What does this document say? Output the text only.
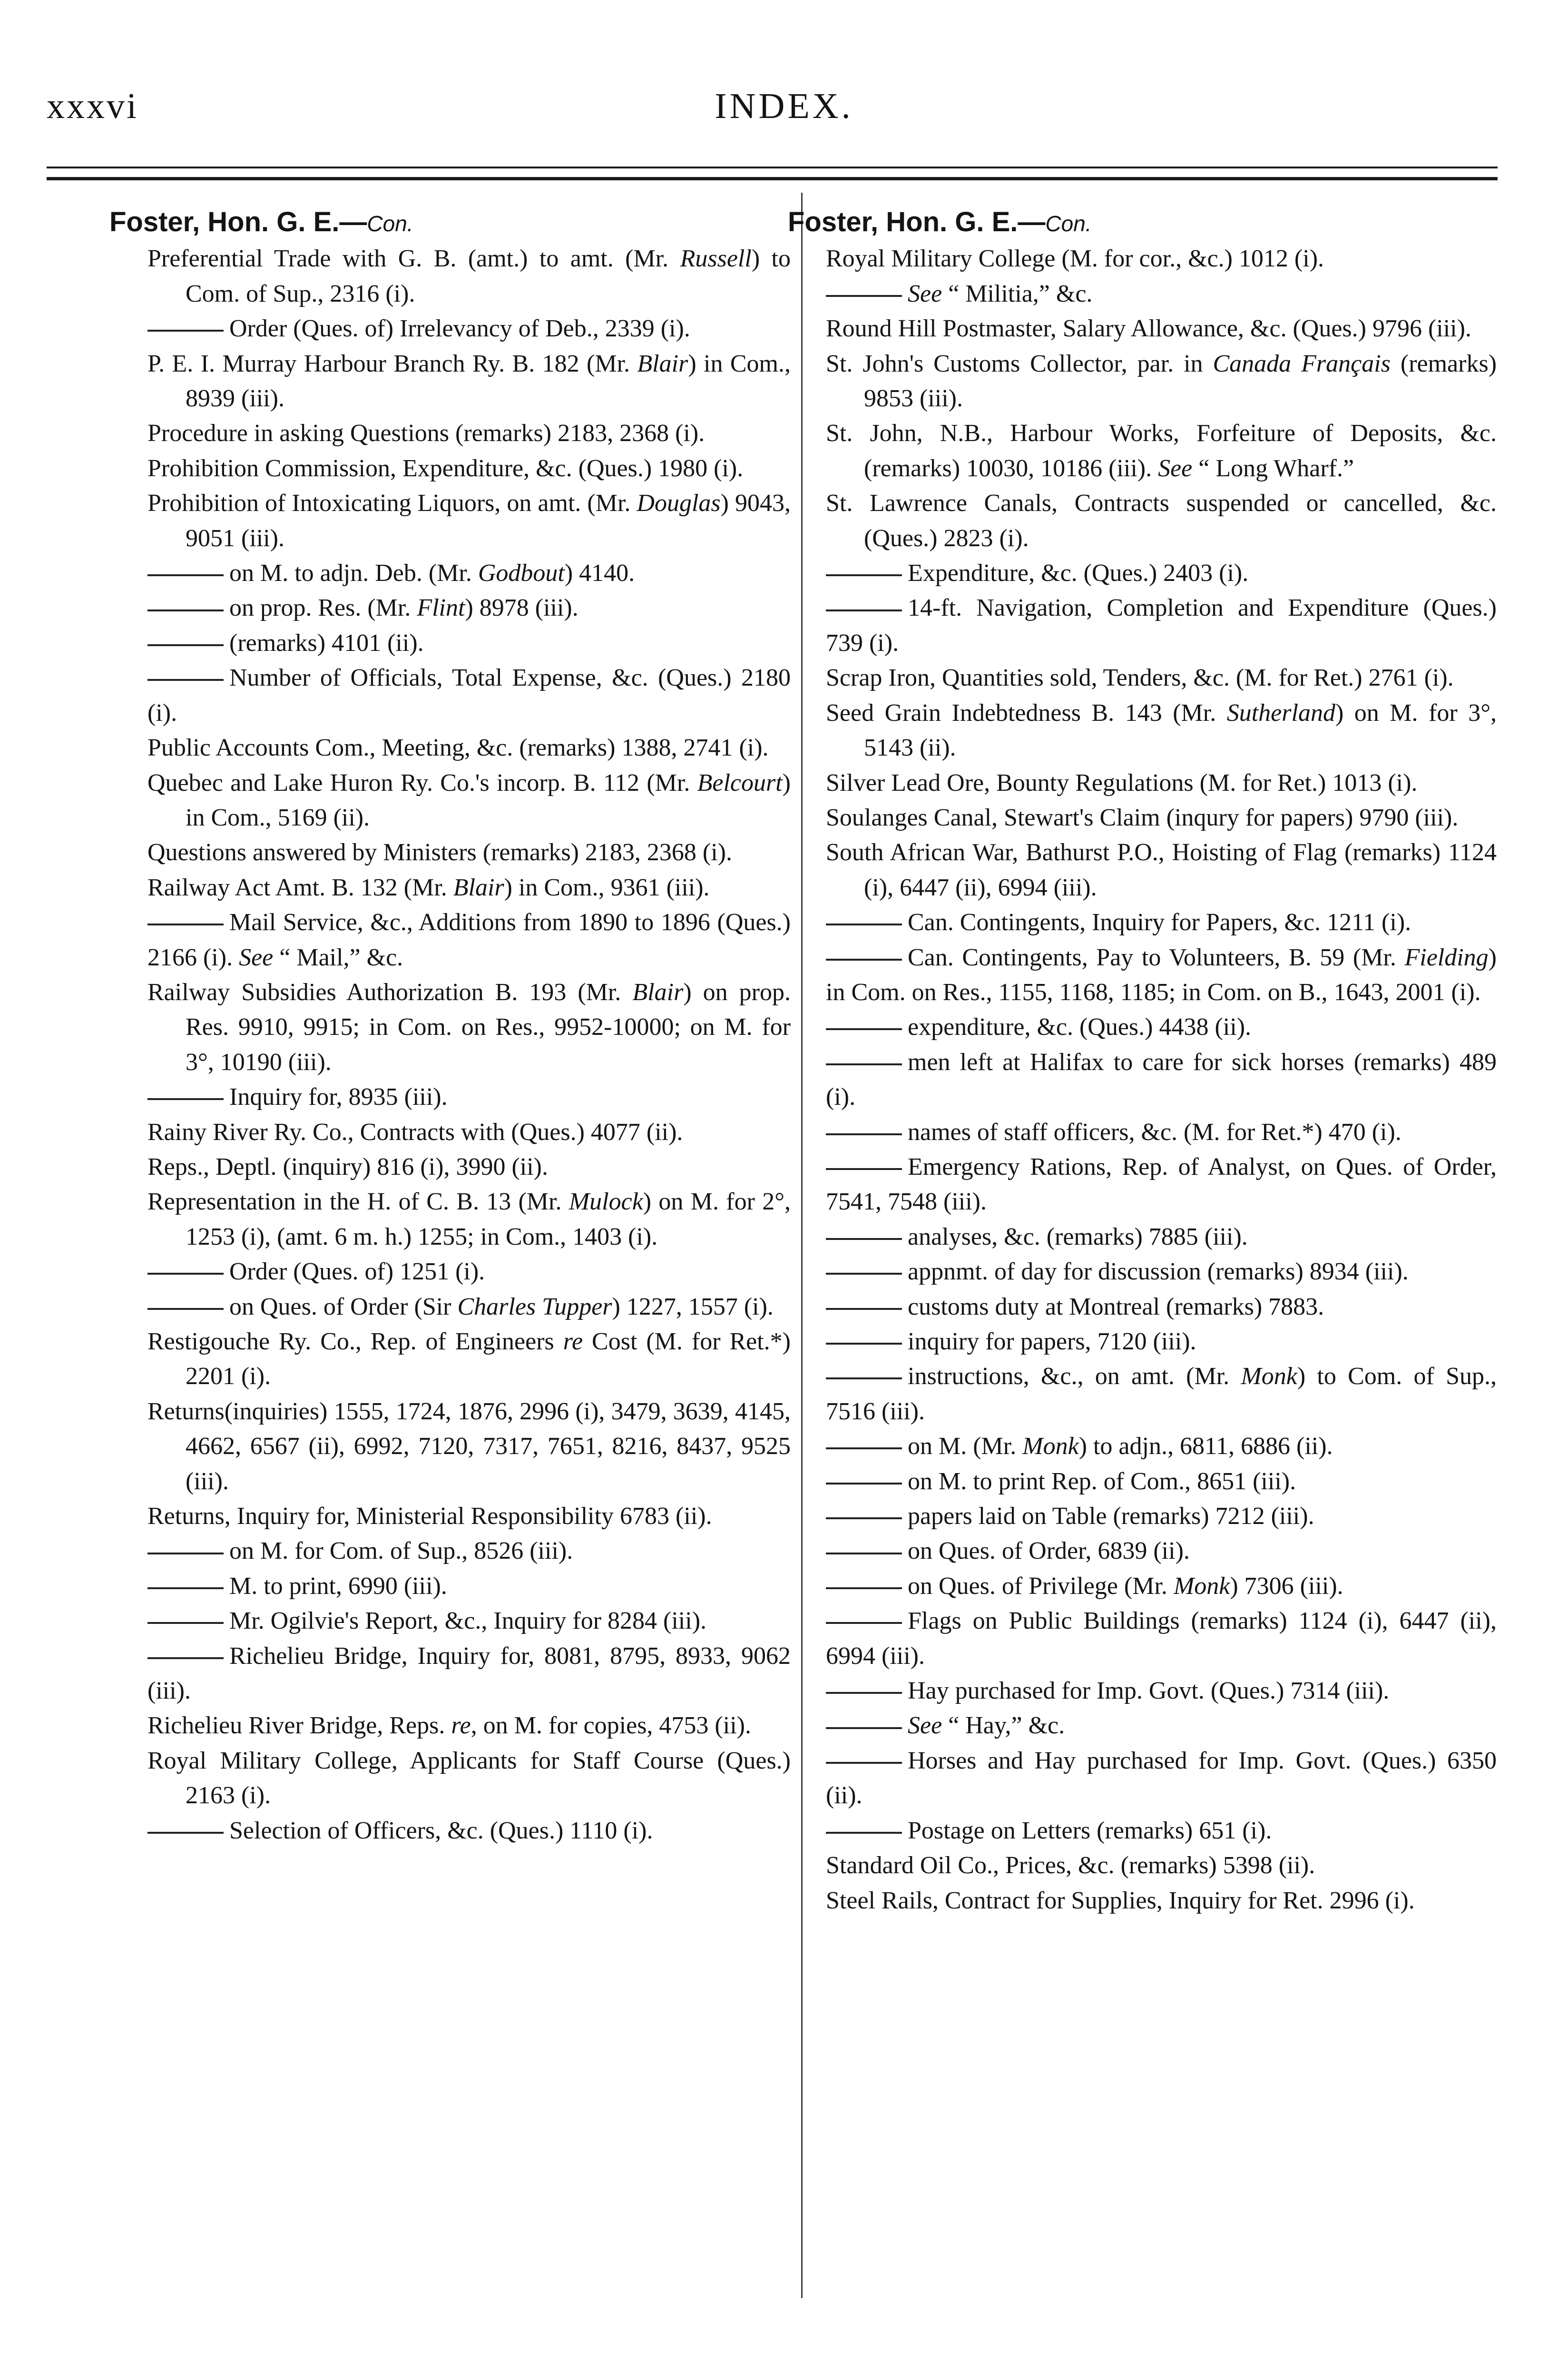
xxxvi	INDEX.
Foster, Hon. G. E.—Con.
Preferential Trade with G. B. (amt.) to amt. (Mr. Russell) to Com. of Sup., 2316 (i).
Order (Ques. of) Irrelevancy of Deb., 2339 (i).
P. E. I. Murray Harbour Branch Ry. B. 182 (Mr. Blair) in Com., 8939 (iii).
Procedure in asking Questions (remarks) 2183, 2368 (i).
Prohibition Commission, Expenditure, &c. (Ques.) 1980 (i).
Prohibition of Intoxicating Liquors, on amt. (Mr. Douglas) 9043, 9051 (iii).
on M. to adjn. Deb. (Mr. Godbout) 4140.
on prop. Res. (Mr. Flint) 8978 (iii).
(remarks) 4101 (ii).
Number of Officials, Total Expense, &c. (Ques.) 2180 (i).
Public Accounts Com., Meeting, &c. (remarks) 1388, 2741 (i).
Quebec and Lake Huron Ry. Co.'s incorp. B. 112 (Mr. Belcourt) in Com., 5169 (ii).
Questions answered by Ministers (remarks) 2183, 2368 (i).
Railway Act Amt. B. 132 (Mr. Blair) in Com., 9361 (iii).
Mail Service, &c., Additions from 1890 to 1896 (Ques.) 2166 (i). See “ Mail,” &c.
Railway Subsidies Authorization B. 193 (Mr. Blair) on prop. Res. 9910, 9915; in Com. on Res., 9952-10000; on M. for 3°, 10190 (iii).
Inquiry for, 8935 (iii).
Rainy River Ry. Co., Contracts with (Ques.) 4077 (ii).
Reps., Deptl. (inquiry) 816 (i), 3990 (ii).
Representation in the H. of C. B. 13 (Mr. Mulock) on M. for 2°, 1253 (i), (amt. 6 m. h.) 1255; in Com., 1403 (i).
Order (Ques. of) 1251 (i).
on Ques. of Order (Sir Charles Tupper) 1227, 1557 (i).
Restigouche Ry. Co., Rep. of Engineers re Cost (M. for Ret.*) 2201 (i).
Returns(inquiries) 1555, 1724, 1876, 2996 (i), 3479, 3639, 4145, 4662, 6567 (ii), 6992, 7120, 7317, 7651, 8216, 8437, 9525 (iii).
Returns, Inquiry for, Ministerial Responsibility 6783 (ii).
on M. for Com. of Sup., 8526 (iii).
M. to print, 6990 (iii).
Mr. Ogilvie's Report, &c., Inquiry for 8284 (iii).
Richelieu Bridge, Inquiry for, 8081, 8795, 8933, 9062 (iii).
Richelieu River Bridge, Reps. re, on M. for copies, 4753 (ii).
Royal Military College, Applicants for Staff Course (Ques.) 2163 (i).
Selection of Officers, &c. (Ques.) 1110 (i).
Foster, Hon. G. E.—Con.
Royal Military College (M. for cor., &c.) 1012 (i).
See “ Militia,” &c.
Round Hill Postmaster, Salary Allowance, &c. (Ques.) 9796 (iii).
St. John's Customs Collector, par. in Canada Français (remarks) 9853 (iii).
St. John, N.B., Harbour Works, Forfeiture of Deposits, &c. (remarks) 10030, 10186 (iii). See “ Long Wharf.”
St. Lawrence Canals, Contracts suspended or cancelled, &c. (Ques.) 2823 (i).
Expenditure, &c. (Ques.) 2403 (i).
14-ft. Navigation, Completion and Expenditure (Ques.) 739 (i).
Scrap Iron, Quantities sold, Tenders, &c. (M. for Ret.) 2761 (i).
Seed Grain Indebtedness B. 143 (Mr. Sutherland) on M. for 3°, 5143 (ii).
Silver Lead Ore, Bounty Regulations (M. for Ret.) 1013 (i).
Soulanges Canal, Stewart's Claim (inqury for papers) 9790 (iii).
South African War, Bathurst P.O., Hoisting of Flag (remarks) 1124 (i), 6447 (ii), 6994 (iii).
Can. Contingents, Inquiry for Papers, &c. 1211 (i).
Can. Contingents, Pay to Volunteers, B. 59 (Mr. Fielding) in Com. on Res., 1155, 1168, 1185; in Com. on B., 1643, 2001 (i).
expenditure, &c. (Ques.) 4438 (ii).
men left at Halifax to care for sick horses (remarks) 489 (i).
names of staff officers, &c. (M. for Ret.*) 470 (i).
Emergency Rations, Rep. of Analyst, on Ques. of Order, 7541, 7548 (iii).
analyses, &c. (remarks) 7885 (iii).
appnmt. of day for discussion (remarks) 8934 (iii).
customs duty at Montreal (remarks) 7883.
inquiry for papers, 7120 (iii).
instructions, &c., on amt. (Mr. Monk) to Com. of Sup., 7516 (iii).
on M. (Mr. Monk) to adjn., 6811, 6886 (ii).
on M. to print Rep. of Com., 8651 (iii).
papers laid on Table (remarks) 7212 (iii).
on Ques. of Order, 6839 (ii).
on Ques. of Privilege (Mr. Monk) 7306 (iii).
Flags on Public Buildings (remarks) 1124 (i), 6447 (ii), 6994 (iii).
Hay purchased for Imp. Govt. (Ques.) 7314 (iii).
See “ Hay,” &c.
Horses and Hay purchased for Imp. Govt. (Ques.) 6350 (ii).
Postage on Letters (remarks) 651 (i).
Standard Oil Co., Prices, &c. (remarks) 5398 (ii).
Steel Rails, Contract for Supplies, Inquiry for Ret. 2996 (i).
